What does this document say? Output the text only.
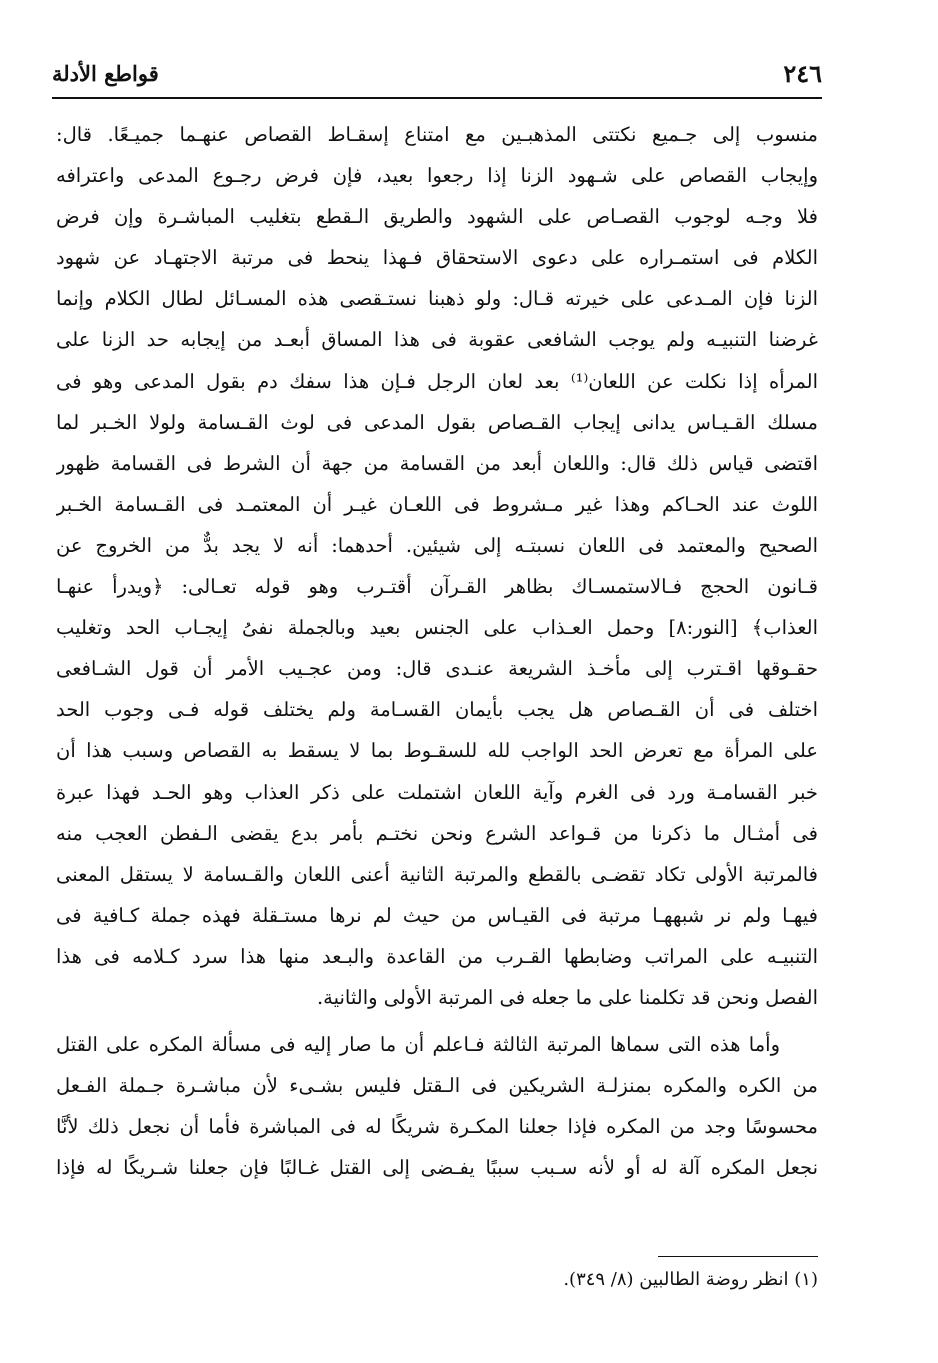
٢٤٦
قواطع الأدلة
منسوب إلى جـميع نكتتى المذهبـين مع امتناع إسقـاط القصاص عنهـما جميـعًا. قال:
وإيجاب القصاص على شـهود الزنا إذا رجعوا بعيد، فإن فرض رجـوع المدعى واعترافه
فلا وجـه لوجوب القصـاص على الشهود والطريق الـقطع بتغليب المباشـرة وإن فرض
الكلام فى استمـراره على دعوى الاستحقاق فـهذا ينحط فى مرتبة الاجتهـاد عن شهود
الزنا فإن المـدعى على خيرته قـال: ولو ذهبنا نستـقصى هذه المسـائل لطال الكلام وإنما
غرضنا التنبيـه ولم يوجب الشافعى عقوبة فى هذا المساق أبعـد من إيجابه حد الزنا على
المرأه إذا نكلت عن اللعان⁽¹⁾ بعد لعان الرجل فـإن هذا سفك دم بقول المدعى وهو فى
مسلك القـيـاس يدانى إيجاب القـصاص بقول المدعى فى لوث القـسامة ولولا الخـبر لما
اقتضى قياس ذلك قال: واللعان أبعد من القسامة من جهة أن الشرط فى القسامة ظهور
اللوث عند الحـاكم وهذا غير مـشروط فى اللعـان غيـر أن المعتمـد فى القـسامة الخـبر
الصحيح والمعتمد فى اللعان نسبتـه إلى شيئين. أحدهما: أنه لا يجد بدٌّ من الخروج عن
قـانون الحجج فـالاستمسـاك بظاهر القـرآن أقتـرب وهو قوله تعـالى: ﴿ويدرأ عنهـا
العذاب﴾ [النور:٨] وحمل العـذاب على الجنس بعيد وبالجملة نفىُ إيجـاب الحد وتغليب
حقـوقها اقـترب إلى مأخـذ الشريعة عنـدى قال: ومن عجـيب الأمر أن قول الشـافعى
اختلف فى أن القـصاص هل يجب بأيمان القسـامة ولم يختلف قوله فـى وجوب الحد
على المرأة مع تعرض الحد الواجب لله للسقـوط بما لا يسقط به القصاص وسبب هذا أن
خبر القسامـة ورد فى الغرم وآية اللعان اشتملت على ذكر العذاب وهو الحـد فهذا عبرة
فى أمثـال ما ذكرنا من قـواعد الشرع ونحن نختـم بأمر بدع يقضى الـفطن العجب منه
فالمرتبة الأولى تكاد تقضـى بالقطع والمرتبة الثانية أعنى اللعان والقـسامة لا يستقل المعنى
فيهـا ولم نر شبههـا مرتبة فى القيـاس من حيث لم نرها مستـقلة فهذه جملة كـافية فى
التنبيـه على المراتب وضابطها القـرب من القاعدة والبـعد منها هذا سرد كـلامه فى هذا
الفصل ونحن قد تكلمنا على ما جعله فى المرتبة الأولى والثانية.
وأما هذه التى سماها المرتبة الثالثة فـاعلم أن ما صار إليه فى مسألة المكره على القتل
من الكره والمكره بمنزلـة الشريكين فى الـقتل فليس بشـىء لأن مباشـرة جـملة الفـعل
محسوسًا وجد من المكره فإذا جعلنا المكـرة شريكًا له فى المباشرة فأما أن نجعل ذلك لأنَّا
نجعل المكره آلة له أو لأنه سـبب سببًا يفـضى إلى القتل غـالبًا فإن جعلنا شـريكًا له فإذا
(١) انظر روضة الطالبين (٨/ ٣٤٩).
